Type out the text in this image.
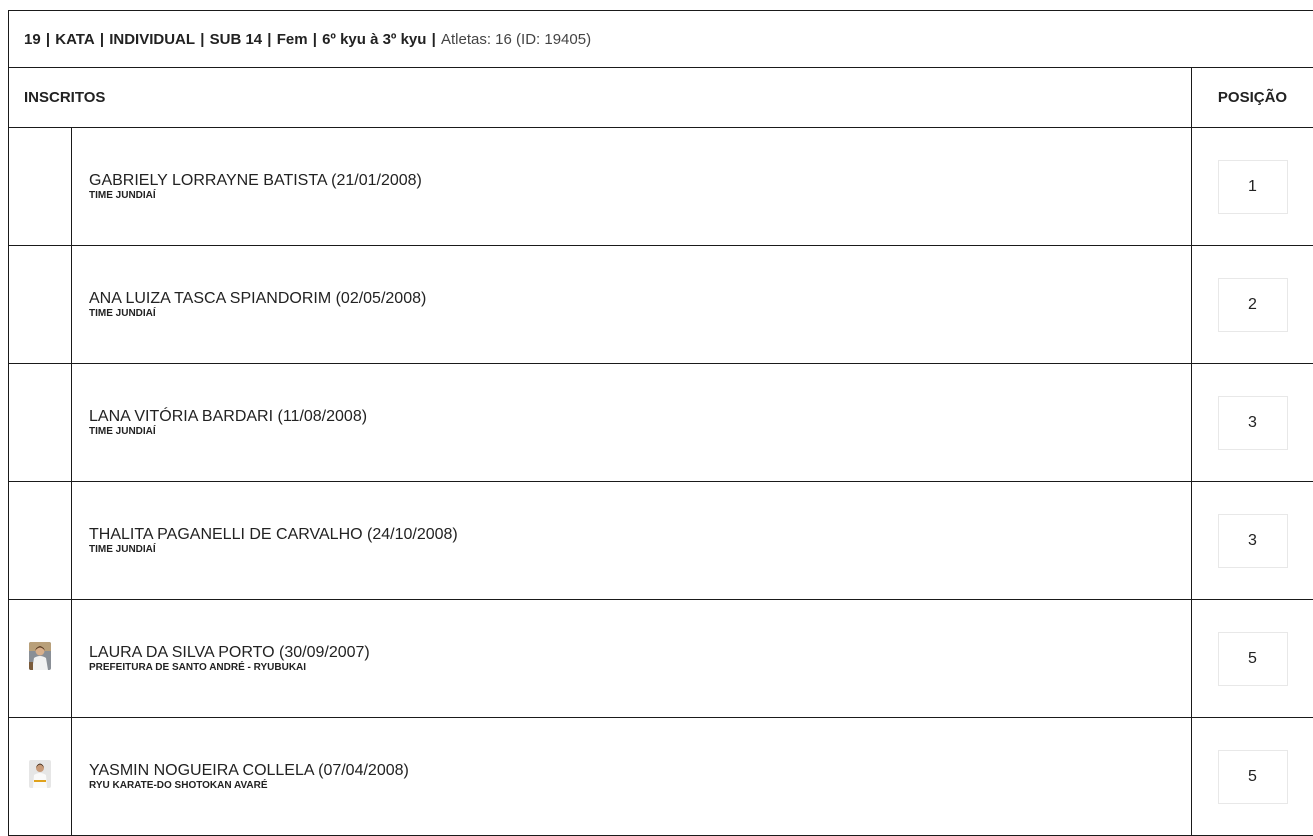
19 | KATA | INDIVIDUAL | SUB 14 | Fem | 6º kyu à 3º kyu | Atletas: 16 (ID: 19405)		
INSCRITOS		POSIÇÃO

	GABRIELY LORRAYNE BATISTA (21/01/2008)
TIME JUNDIAÍ	1

	ANA LUIZA TASCA SPIANDORIM (02/05/2008)
TIME JUNDIAÍ	2

	LANA VITÓRIA BARDARI (11/08/2008)
TIME JUNDIAÍ	3

	THALITA PAGANELLI DE CARVALHO (24/10/2008)
TIME JUNDIAÍ	3

LAURA DA SILVA PORTO (30/09/2007)
PREFEITURA DE SANTO ANDRÉ - RYUBUKAI	5

YASMIN NOGUEIRA COLLELA (07/04/2008)
RYU KARATE-DO SHOTOKAN AVARÉ	5
